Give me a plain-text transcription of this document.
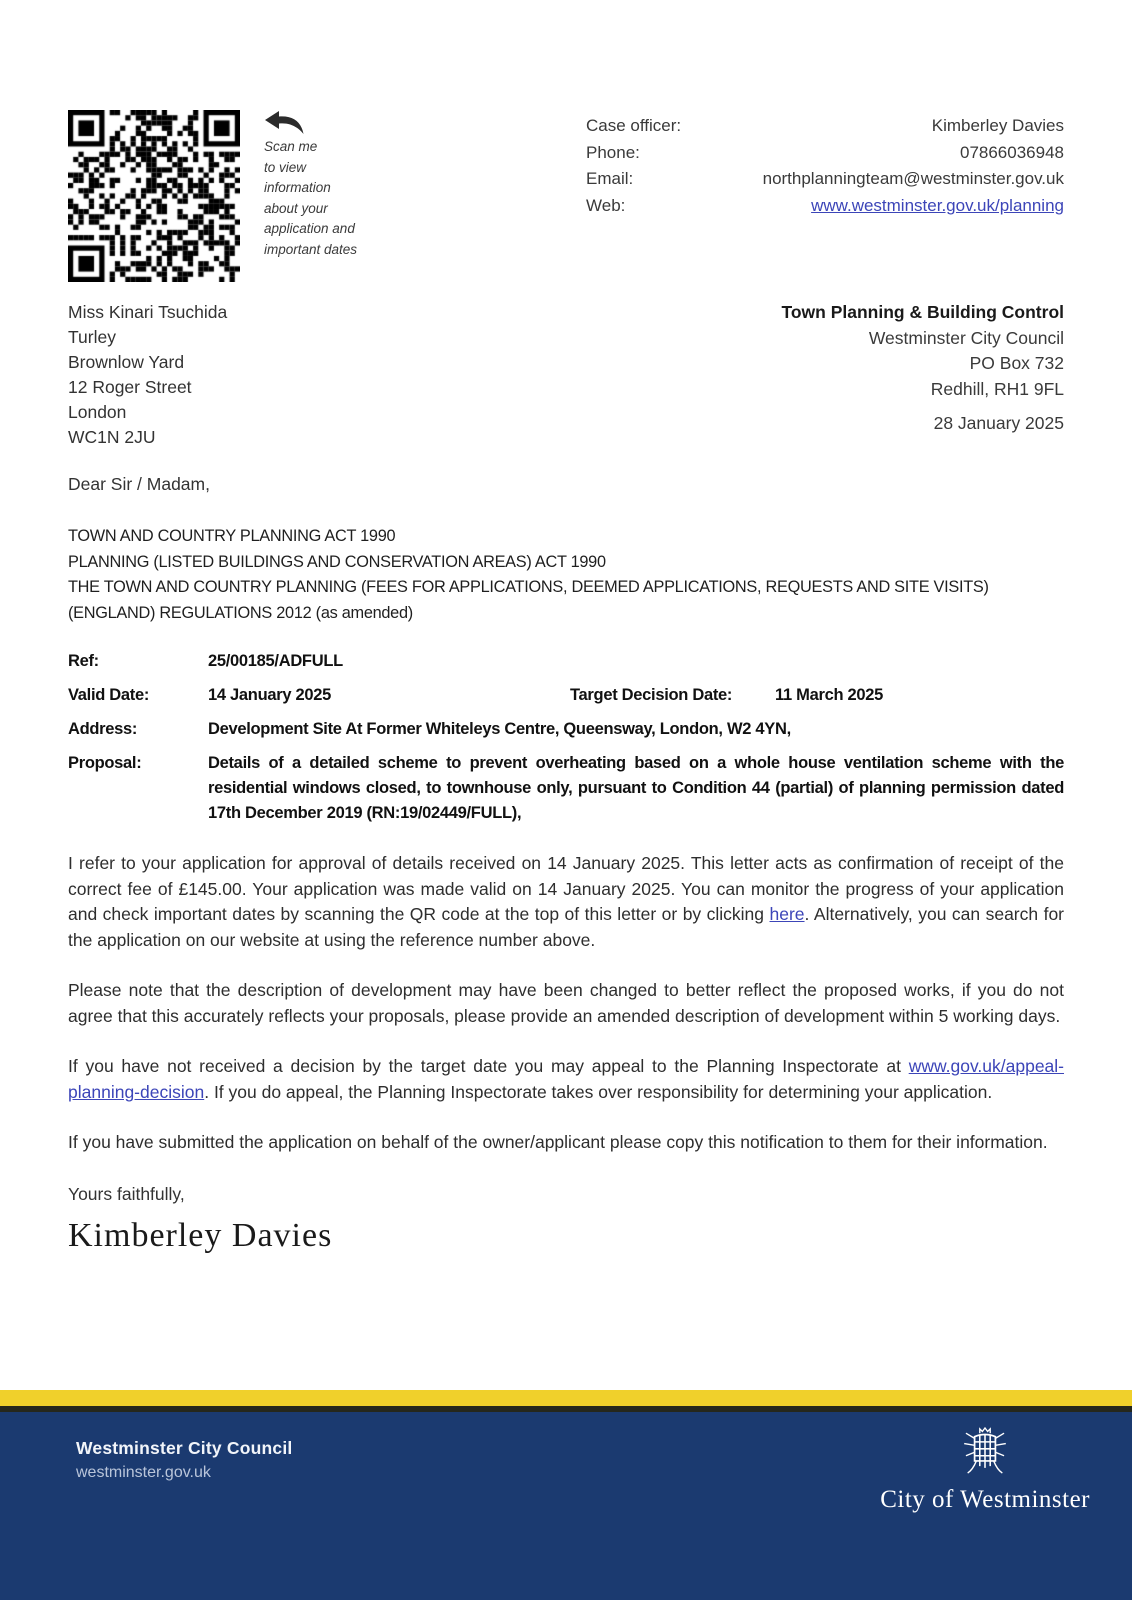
Scan me
to view
information
about your
application and
important dates
Case officer:	Kimberley Davies
Phone:	07866036948
Email:	northplanningteam@westminster.gov.uk
Web:	www.westminster.gov.uk/planning
Miss Kinari Tsuchida
Turley
Brownlow Yard
12 Roger Street
London
WC1N 2JU
Town Planning & Building Control
Westminster City Council
PO Box 732
Redhill, RH1 9FL
28 January 2025
Dear Sir / Madam,
TOWN AND COUNTRY PLANNING ACT 1990
PLANNING (LISTED BUILDINGS AND CONSERVATION AREAS) ACT 1990
THE TOWN AND COUNTRY PLANNING (FEES FOR APPLICATIONS, DEEMED APPLICATIONS, REQUESTS AND SITE VISITS)
(ENGLAND) REGULATIONS 2012 (as amended)
Ref:	25/00185/ADFULL
Valid Date:	14 January 2025	Target Decision Date:	11 March 2025
Address:	Development Site At Former Whiteleys Centre, Queensway, London, W2 4YN,
Proposal:	Details of a detailed scheme to prevent overheating based on a whole house ventilation scheme with the residential windows closed, to townhouse only, pursuant to Condition 44 (partial) of planning permission dated 17th December 2019 (RN:19/02449/FULL),
I refer to your application for approval of details received on 14 January 2025. This letter acts as confirmation of receipt of the correct fee of £145.00. Your application was made valid on 14 January 2025. You can monitor the progress of your application and check important dates by scanning the QR code at the top of this letter or by clicking here. Alternatively, you can search for the application on our website at using the reference number above.
Please note that the description of development may have been changed to better reflect the proposed works, if you do not agree that this accurately reflects your proposals, please provide an amended description of development within 5 working days.
If you have not received a decision by the target date you may appeal to the Planning Inspectorate at www.gov.uk/appeal-planning-decision. If you do appeal, the Planning Inspectorate takes over responsibility for determining your application.
If you have submitted the application on behalf of the owner/applicant please copy this notification to them for their information.
Yours faithfully,
Kimberley Davies
Westminster City Council
westminster.gov.uk
City of Westminster
